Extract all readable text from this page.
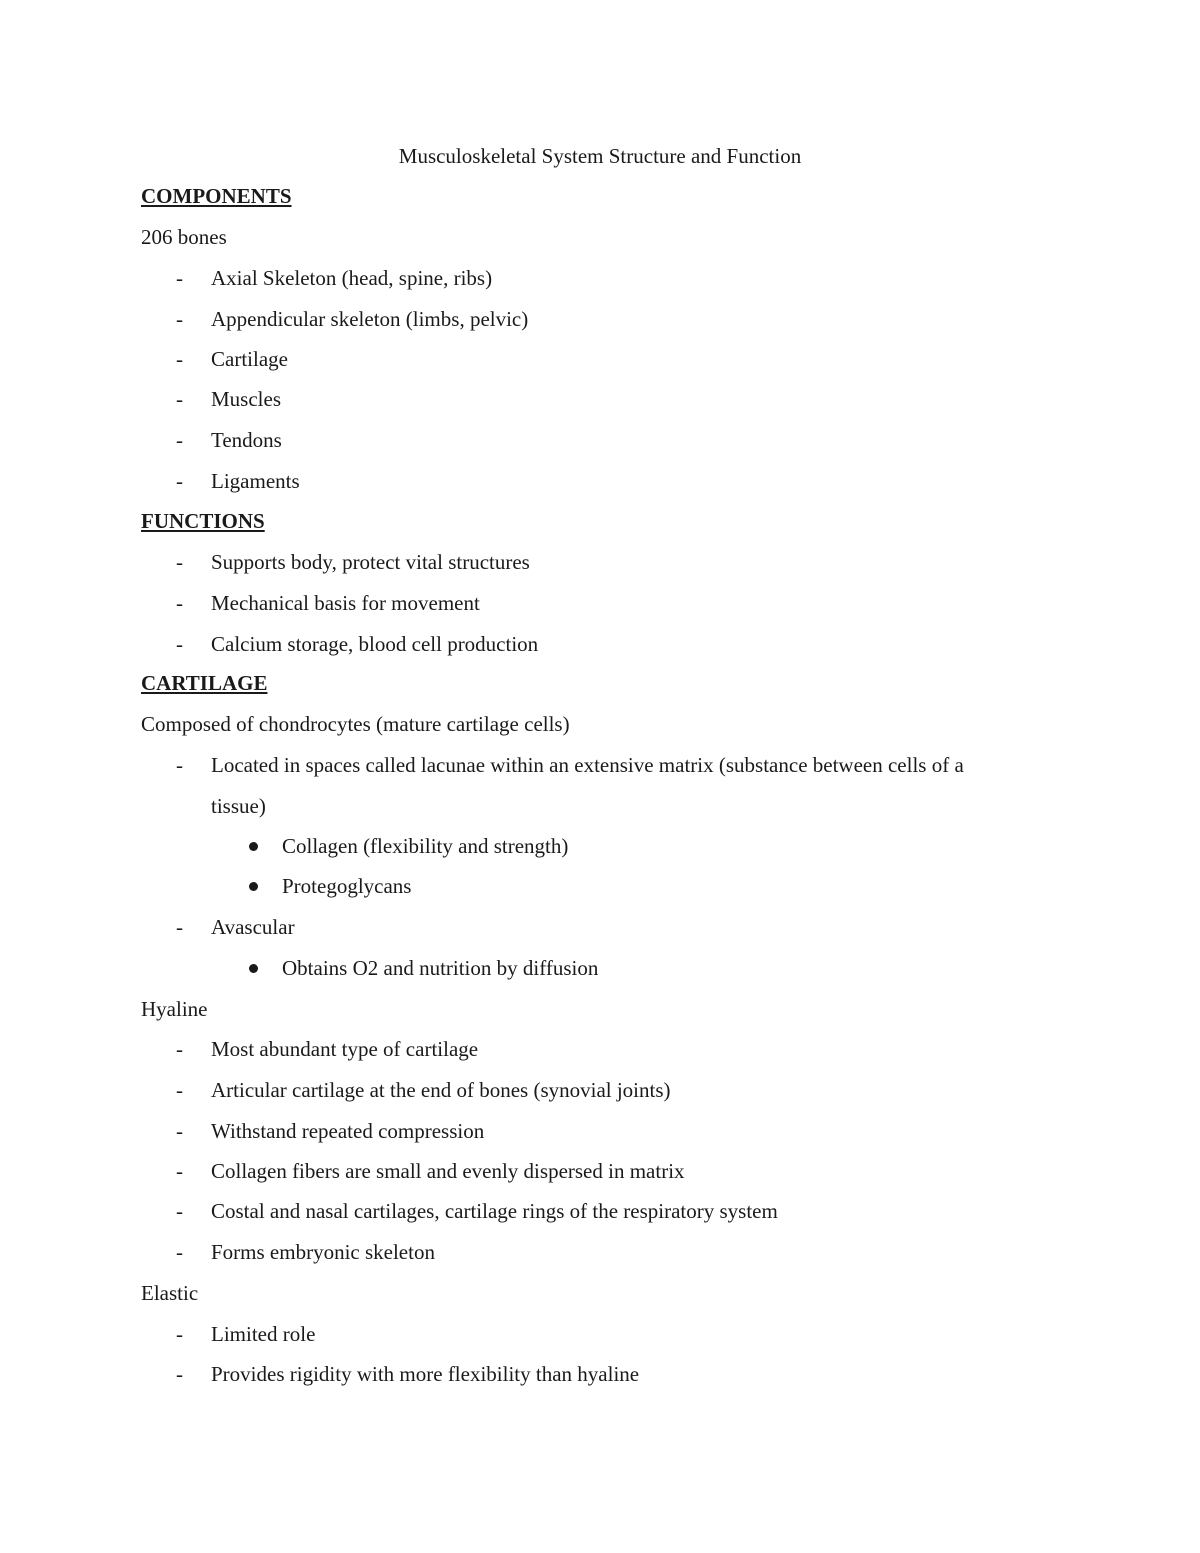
Musculoskeletal System Structure and Function
COMPONENTS
206 bones
- Axial Skeleton (head, spine, ribs)
- Appendicular skeleton (limbs, pelvic)
- Cartilage
- Muscles
- Tendons
- Ligaments
FUNCTIONS
- Supports body, protect vital structures
- Mechanical basis for movement
- Calcium storage, blood cell production
CARTILAGE
Composed of chondrocytes (mature cartilage cells)
- Located in spaces called lacunae within an extensive matrix (substance between cells of a
tissue)
Collagen (flexibility and strength)
Protegoglycans
- Avascular
Obtains O2 and nutrition by diffusion
Hyaline
- Most abundant type of cartilage
- Articular cartilage at the end of bones (synovial joints)
- Withstand repeated compression
- Collagen fibers are small and evenly dispersed in matrix
- Costal and nasal cartilages, cartilage rings of the respiratory system
- Forms embryonic skeleton
Elastic
- Limited role
- Provides rigidity with more flexibility than hyaline
